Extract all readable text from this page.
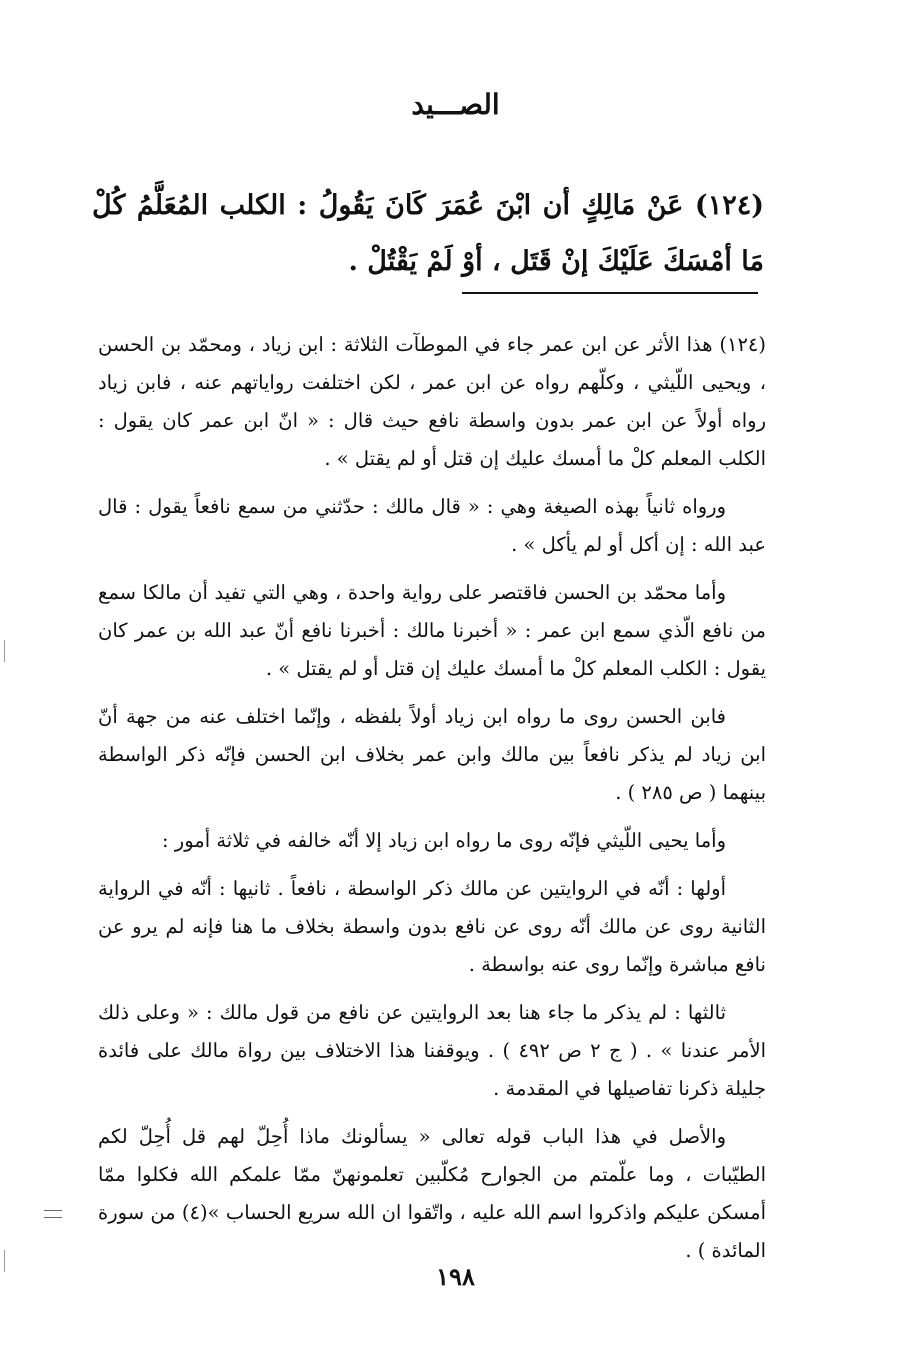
الصـــيد
(١٢٤) عَنْ مَالِكٍ أن ابْنَ عُمَرَ كَانَ يَقُولُ : الكلب المُعَلَّمُ كُلْ مَا أمْسَكَ عَلَيْكَ إنْ قَتَل ، أوْ لَمْ يَقْتُلْ .

(١٢٤) هذا الأثر عن ابن عمر جاء في الموطآت الثلاثة : ابن زياد ، ومحمّد بن الحسن ، ويحيى اللّيثي ، وكلّهم رواه عن ابن عمر ، لكن اختلفت رواياتهم عنه ، فابن زياد رواه أولاً عن ابن عمر بدون واسطة نافع حيث قال : « انّ ابن عمر كان يقول : الكلب المعلم كلْ ما أمسك عليك إن قتل أو لم يقتل » .

ورواه ثانياً بهذه الصيغة وهي : « قال مالك : حدّثني من سمع نافعاً يقول : قال عبد الله : إن أكل أو لم يأكل » .

وأما محمّد بن الحسن فاقتصر على رواية واحدة ، وهي التي تفيد أن مالكا سمع من نافع الّذي سمع ابن عمر : « أخبرنا مالك : أخبرنا نافع أنّ عبد الله بن عمر كان يقول : الكلب المعلم كلْ ما أمسك عليك إن قتل أو لم يقتل » .

فابن الحسن روى ما رواه ابن زياد أولاً بلفظه ، وإنّما اختلف عنه من جهة أنّ ابن زياد لم يذكر نافعاً بين مالك وابن عمر بخلاف ابن الحسن فإنّه ذكر الواسطة بينهما ( ص ٢٨٥ ) .

وأما يحيى اللّيثي فإنّه روى ما رواه ابن زياد إلا أنّه خالفه في ثلاثة أمور :

أولها : أنّه في الروايتين عن مالك ذكر الواسطة ، نافعاً . ثانيها : أنّه في الرواية الثانية روى عن مالك أنّه روى عن نافع بدون واسطة بخلاف ما هنا فإنه لم يرو عن نافع مباشرة وإنّما روى عنه بواسطة .

ثالثها : لم يذكر ما جاء هنا بعد الروايتين عن نافع من قول مالك : « وعلى ذلك الأمر عندنا » . ( ج ٢ ص ٤٩٢ ) . ويوقفنا هذا الاختلاف بين رواة مالك على فائدة جليلة ذكرنا تفاصيلها في المقدمة .

والأصل في هذا الباب قوله تعالى « يسألونك ماذا أُحِلّ لهم قل أُحِلّ لكم الطيّبات ، وما علّمتم من الجوارح مُكلّبين تعلمونهنّ ممّا علمكم الله فكلوا ممّا أمسكن عليكم واذكروا اسم الله عليه ، واتّقوا ان الله سريع الحساب »(٤) من سورة المائدة ) .

١٩٨
